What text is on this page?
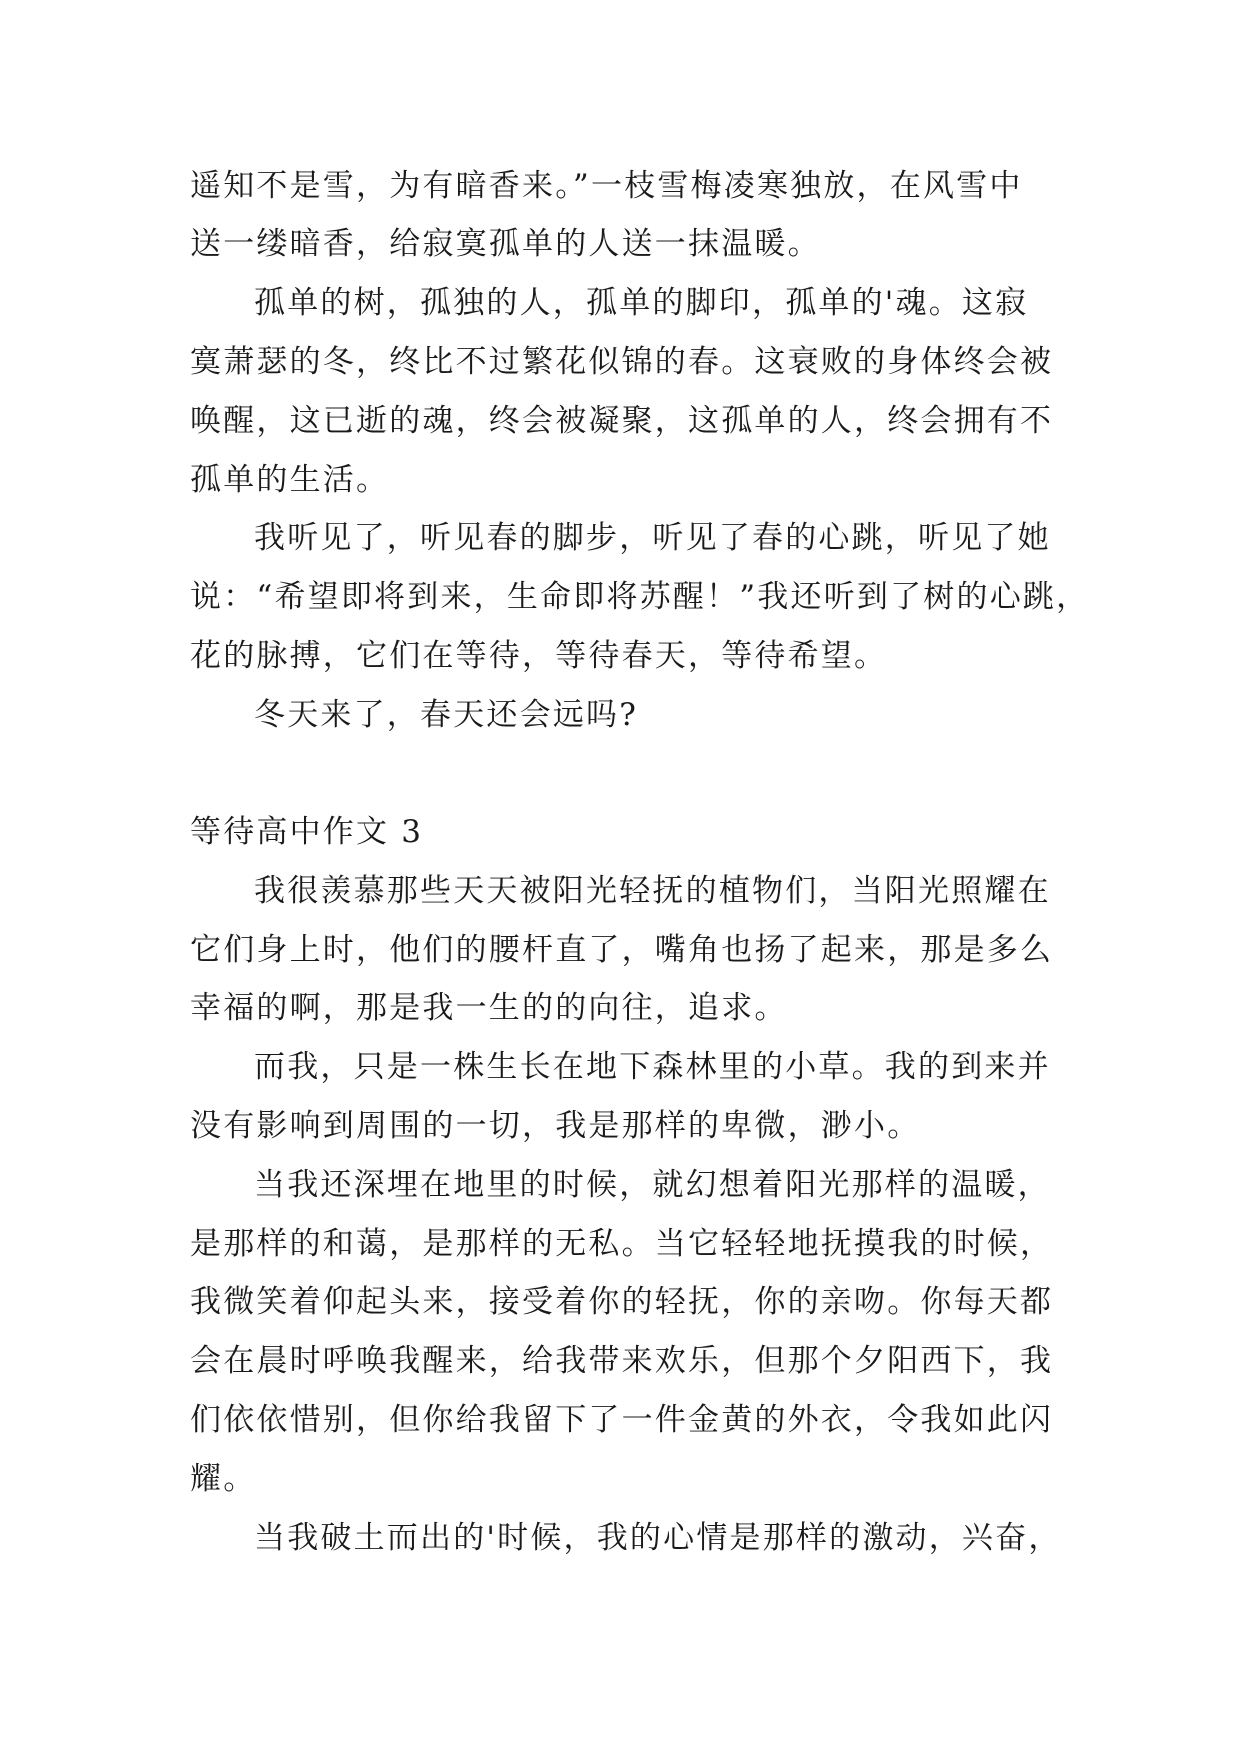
遥知不是雪，为有暗香来。”一枝雪梅凌寒独放，在风雪中
送一缕暗香，给寂寞孤单的人送一抹温暖。
孤单的树，孤独的人，孤单的脚印，孤单的'魂。这寂
寞萧瑟的冬，终比不过繁花似锦的春。这衰败的身体终会被
唤醒，这已逝的魂，终会被凝聚，这孤单的人，终会拥有不
孤单的生活。
我听见了，听见春的脚步，听见了春的心跳，听见了她
说：“希望即将到来，生命即将苏醒！”我还听到了树的心跳，
花的脉搏，它们在等待，等待春天，等待希望。
冬天来了，春天还会远吗?
等待高中作文 3
我很羡慕那些天天被阳光轻抚的植物们，当阳光照耀在
它们身上时，他们的腰杆直了，嘴角也扬了起来，那是多么
幸福的啊，那是我一生的的向往，追求。
而我，只是一株生长在地下森林里的小草。我的到来并
没有影响到周围的一切，我是那样的卑微，渺小。
当我还深埋在地里的时候，就幻想着阳光那样的温暖，
是那样的和蔼，是那样的无私。当它轻轻地抚摸我的时候，
我微笑着仰起头来，接受着你的轻抚，你的亲吻。你每天都
会在晨时呼唤我醒来，给我带来欢乐，但那个夕阳西下，我
们依依惜别，但你给我留下了一件金黄的外衣，令我如此闪
耀。
当我破土而出的'时候，我的心情是那样的激动，兴奋，
